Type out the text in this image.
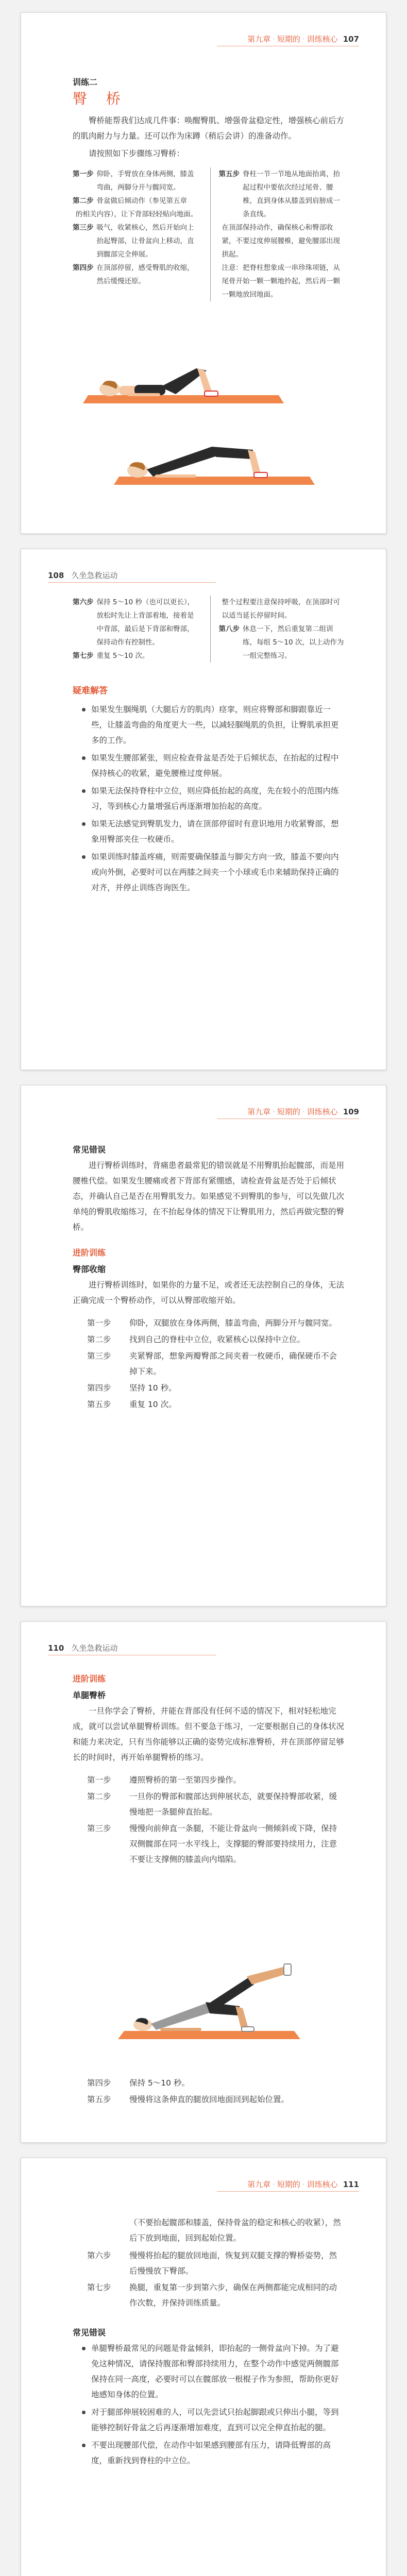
第九章 · 短期的 · 训练核心 107
训练二
臀 桥

臀桥能帮我们达成几件事：唤醒臀肌、增强骨盆稳定性，增强核心前后方的肌肉耐力与力量。还可以作为床蹲（稍后会讲）的准备动作。

请按照如下步骤练习臀桥：

第一步 仰卧，手臂放在身体两侧，膝盖弯曲，两脚分开与髋同宽。
第二步 骨盆做后倾动作（参见第五章
的相关内容），让下背部轻轻贴向地面。
第三步 吸气，收紧核心，然后开始向上抬起臀部，让骨盆向上移动，直到髋部完全伸展。
第四步 在顶部停留，感受臀肌的收缩，然后缓慢还原。
第五步 脊柱一节一节地从地面抬离，抬起过程中要依次经过尾骨、腰椎，直到身体从膝盖到肩膀成一条直线。
在顶部保持动作，确保核心和臀部收紧，不要过度伸展腰椎，避免腰部出现拱起。
注意：把脊柱想象成一串珍珠项链，从尾骨开始一颗一颗地拎起，然后再一颗一颗地放回地面。
108 久坐急救运动
第六步 保持 5～10 秒（也可以更长），放松时先让上背部着地，接着是中背部，最后是下背部和臀部，保持动作有控制性。
第七步 重复 5～10 次。
整个过程要注意保持呼吸，在顶部时可以适当延长停留时间。
第八步 休息一下，然后重复第二组训练，每组 5～10 次，以上动作为一组完整练习。
疑难解答
如果发生腘绳肌（大腿后方的肌肉）痉挛，则应将臀部和脚跟靠近一些，让膝盖弯曲的角度更大一些，以减轻腘绳肌的负担，让臀肌承担更多的工作。
如果发生腰部紧张，则应检查骨盆是否处于后倾状态，在抬起的过程中保持核心的收紧，避免腰椎过度伸展。
如果无法保持脊柱中立位，则应降低抬起的高度，先在较小的范围内练习，等到核心力量增强后再逐渐增加抬起的高度。
如果无法感觉到臀肌发力，请在顶部停留时有意识地用力收紧臀部，想象用臀部夹住一枚硬币。
如果训练时膝盖疼痛，则需要确保膝盖与脚尖方向一致，膝盖不要向内或向外倒，必要时可以在两膝之间夹一个小球或毛巾来辅助保持正确的对齐，并停止训练咨询医生。
第九章 · 短期的 · 训练核心 109
常见错误

进行臀桥训练时，背痛患者最常犯的错误就是不用臀肌抬起髋部，而是用腰椎代偿。如果发生腰痛或者下背部有紧绷感，请检查骨盆是否处于后倾状态，并确认自己是否在用臀肌发力。如果感觉不到臀肌的参与，可以先做几次单纯的臀肌收缩练习，在不抬起身体的情况下让臀肌用力，然后再做完整的臀桥。

进阶训练
臀部收缩

进行臀桥训练时，如果你的力量不足，或者还无法控制自己的身体，无法正确完成一个臀桥动作，可以从臀部收缩开始。

第一步	仰卧，双腿放在身体两侧，膝盖弯曲，两脚分开与髋同宽。
第二步	找到自己的脊柱中立位，收紧核心以保持中立位。
第三步	夹紧臀部，想象两瓣臀部之间夹着一枚硬币，确保硬币不会掉下来。
第四步	坚持 10 秒。
第五步	重复 10 次。
110 久坐急救运动
进阶训练
单腿臀桥

一旦你学会了臀桥，并能在背部没有任何不适的情况下，相对轻松地完成，就可以尝试单腿臀桥训练。但不要急于练习，一定要根据自己的身体状况和能力来决定，只有当你能够以正确的姿势完成标准臀桥，并在顶部停留足够长的时间时，再开始单腿臀桥的练习。

第一步	遵照臀桥的第一至第四步操作。
第二步	一旦你的臀部和髋部达到伸展状态，就要保持臀部收紧，缓慢地把一条腿伸直抬起。
第三步	慢慢向前伸直一条腿，不能让骨盆向一侧倾斜或下降，保持双侧髋部在同一水平线上，支撑腿的臀部要持续用力，注意不要让支撑侧的膝盖向内塌陷。
第四步	保持 5～10 秒。
第五步	慢慢将这条伸直的腿放回地面回到起始位置。
第九章 · 短期的 · 训练核心 111

（不要抬起髋部和膝盖，保持骨盆的稳定和核心的收紧），然后下放到地面，回到起始位置。

第六步	慢慢将抬起的腿放回地面，恢复到双腿支撑的臀桥姿势，然后慢慢放下臀部。
第七步	换腿，重复第一步到第六步，确保在两侧都能完成相同的动作次数，并保持训练质量。
常见错误
单腿臀桥最常见的问题是骨盆倾斜，即抬起的一侧骨盆向下掉。为了避免这种情况，请保持腹部和臀部持续用力，在整个动作中感觉两侧髋部保持在同一高度，必要时可以在髋部放一根棍子作为参照，帮助你更好地感知身体的位置。
对于腿部伸展较困难的人，可以先尝试只抬起脚跟或只伸出小腿，等到能够控制好骨盆之后再逐渐增加难度，直到可以完全伸直抬起的腿。
不要出现腰部代偿，在动作中如果感到腰部有压力，请降低臀部的高度，重新找到脊柱的中立位。
